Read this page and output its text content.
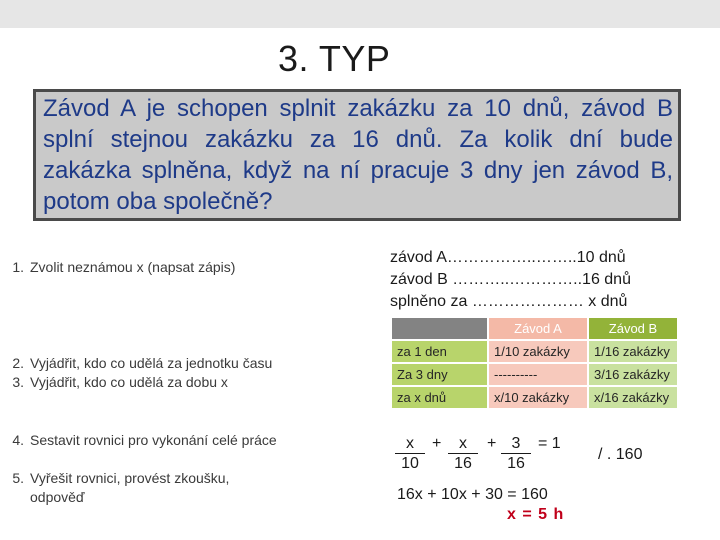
3. TYP

Závod A je schopen splnit zakázku za 10 dnů, závod B splní stejnou zakázku za 16 dnů. Za kolik dní bude zakázka splněna, když na ní pracuje 3 dny jen závod B, potom oba společně?

1. Zvolit neznámou x (napsat zápis)
2. Vyjádřit, kdo co udělá za jednotku času
3. Vyjádřit, kdo co udělá za dobu x
4. Sestavit rovnici pro vykonání celé práce
5. Vyřešit rovnici, provést zkoušku, odpověď
závod A……………..……..10 dnů
závod B ………..…………..16 dnů
splněno za ………………… x dnů
	Závod A	Závod B
za 1 den	1/10 zakázky	1/16 zakázky
Za 3 dny	----------	3/16 zakázky
za x dnů	x/10 zakázky	x/16 zakázky
$\frac{x}{10} + \frac{x}{16} + \frac{3}{16} = 1$
/ . 160
16x + 10x + 30 = 160
x = 5 h
